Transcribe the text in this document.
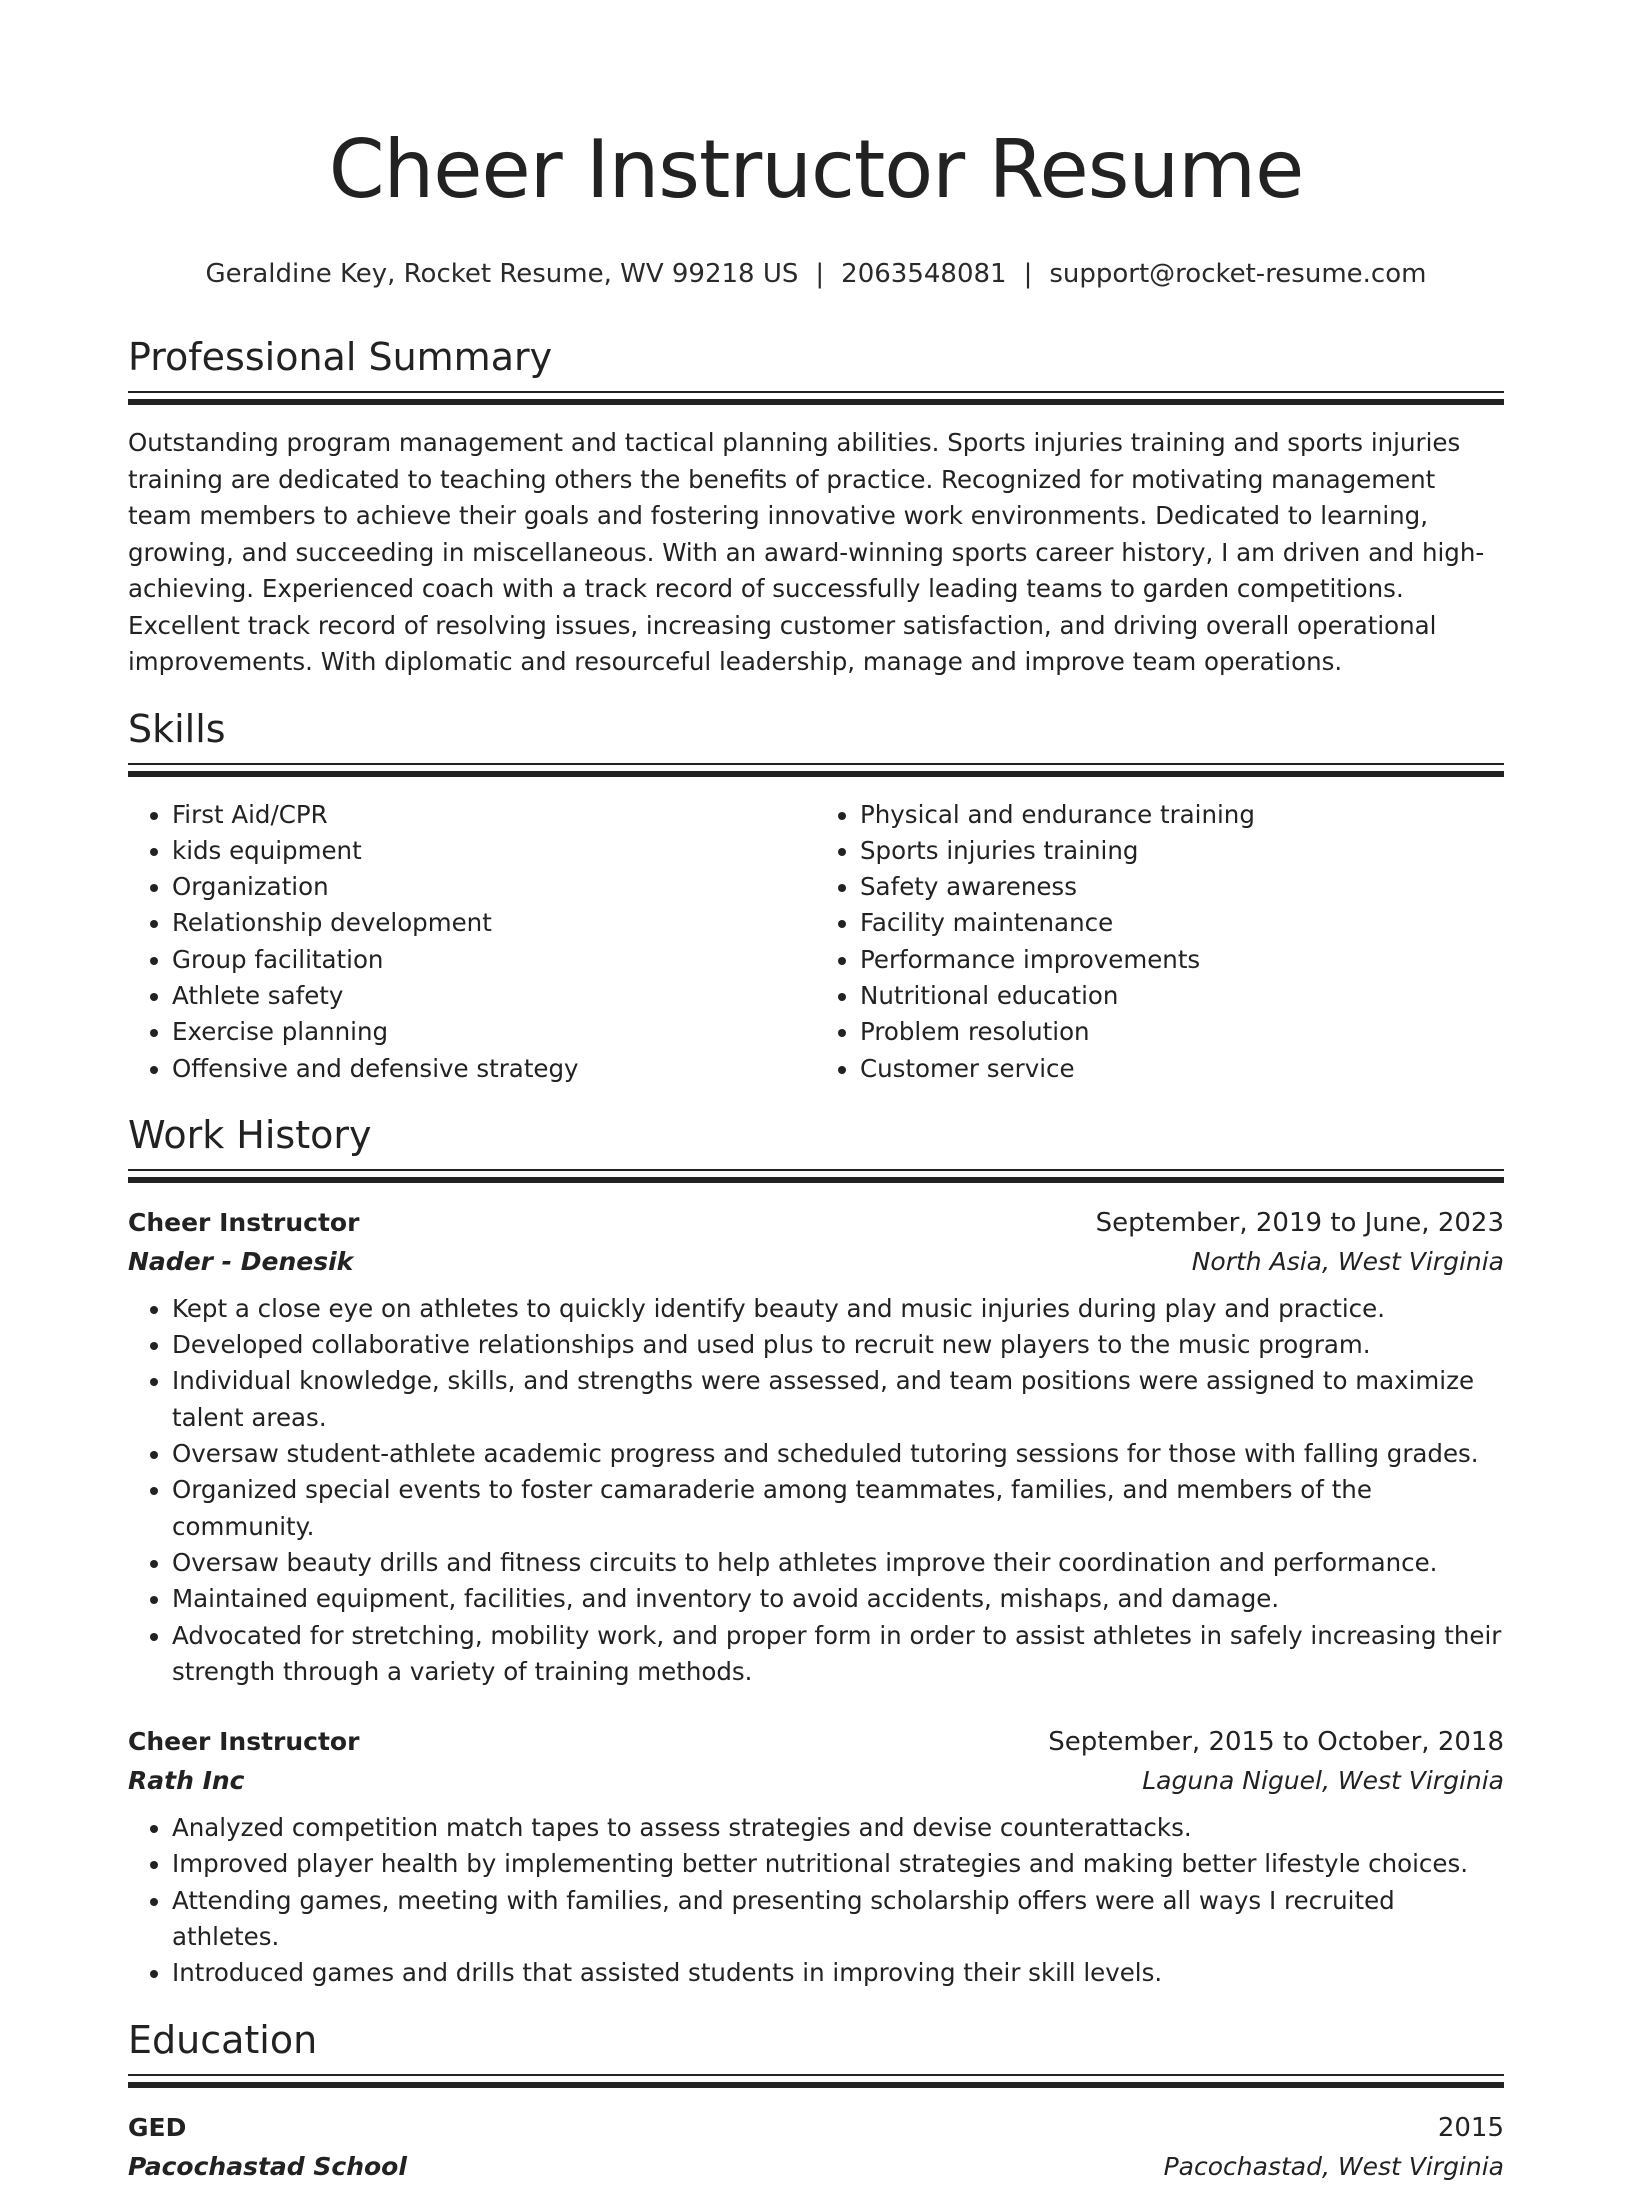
Cheer Instructor Resume
Geraldine Key, Rocket Resume, WV 99218 US | 2063548081 | support@rocket-resume.com
Professional Summary

Outstanding program management and tactical planning abilities. Sports injuries training and sports injuries training are dedicated to teaching others the benefits of practice. Recognized for motivating management team members to achieve their goals and fostering innovative work environments. Dedicated to learning, growing, and succeeding in miscellaneous. With an award-winning sports career history, I am driven and high-achieving. Experienced coach with a track record of successfully leading teams to garden competitions. Excellent track record of resolving issues, increasing customer satisfaction, and driving overall operational improvements. With diplomatic and resourceful leadership, manage and improve team operations.

Skills
• First Aid/CPR
• kids equipment
• Organization
• Relationship development
• Group facilitation
• Athlete safety
• Exercise planning
• Offensive and defensive strategy
• Physical and endurance training
• Sports injuries training
• Safety awareness
• Facility maintenance
• Performance improvements
• Nutritional education
• Problem resolution
• Customer service
Work History
Cheer Instructor	September, 2019 to June, 2023
Nader - Denesik	North Asia, West Virginia
• Kept a close eye on athletes to quickly identify beauty and music injuries during play and practice.
• Developed collaborative relationships and used plus to recruit new players to the music program.
• Individual knowledge, skills, and strengths were assessed, and team positions were assigned to maximize talent areas.
• Oversaw student-athlete academic progress and scheduled tutoring sessions for those with falling grades.
• Organized special events to foster camaraderie among teammates, families, and members of the community.
• Oversaw beauty drills and fitness circuits to help athletes improve their coordination and performance.
• Maintained equipment, facilities, and inventory to avoid accidents, mishaps, and damage.
• Advocated for stretching, mobility work, and proper form in order to assist athletes in safely increasing their strength through a variety of training methods.
Cheer Instructor	September, 2015 to October, 2018
Rath Inc	Laguna Niguel, West Virginia
• Analyzed competition match tapes to assess strategies and devise counterattacks.
• Improved player health by implementing better nutritional strategies and making better lifestyle choices.
• Attending games, meeting with families, and presenting scholarship offers were all ways I recruited athletes.
• Introduced games and drills that assisted students in improving their skill levels.
Education
GED	2015
Pacochastad School	Pacochastad, West Virginia
